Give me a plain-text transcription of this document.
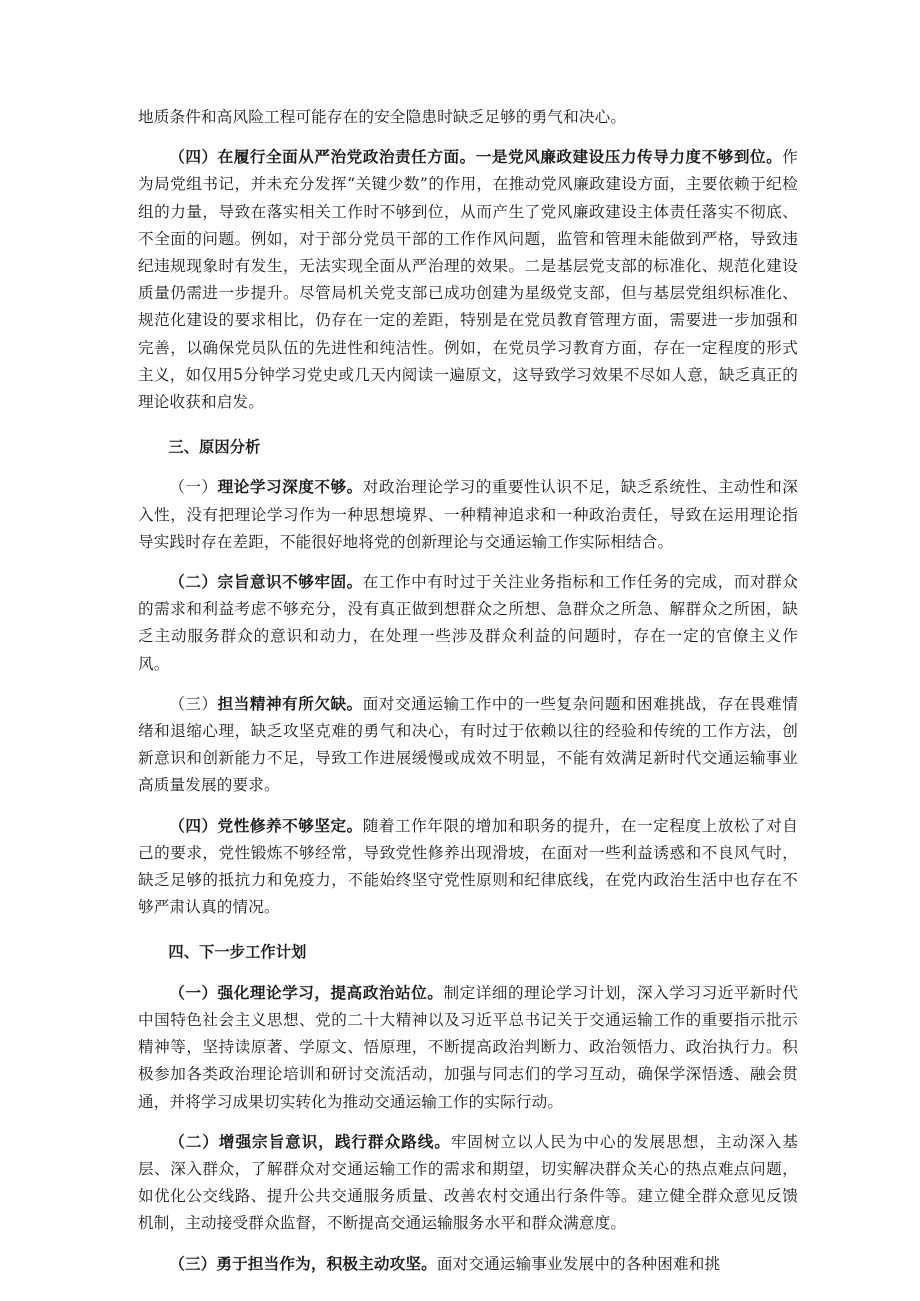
地质条件和高风险工程可能存在的安全隐患时缺乏足够的勇气和决心。

（四）在履行全面从严治党政治责任方面。一是党风廉政建设压力传导力度不够到位。作为局党组书记，并未充分发挥“关键少数”的作用，在推动党风廉政建设方面，主要依赖于纪检组的力量，导致在落实相关工作时不够到位，从而产生了党风廉政建设主体责任落实不彻底、不全面的问题。例如，对于部分党员干部的工作作风问题，监管和管理未能做到严格，导致违纪违规现象时有发生，无法实现全面从严治理的效果。二是基层党支部的标准化、规范化建设质量仍需进一步提升。尽管局机关党支部已成功创建为星级党支部，但与基层党组织标准化、规范化建设的要求相比，仍存在一定的差距，特别是在党员教育管理方面，需要进一步加强和完善，以确保党员队伍的先进性和纯洁性。例如，在党员学习教育方面，存在一定程度的形式主义，如仅用5分钟学习党史或几天内阅读一遍原文，这导致学习效果不尽如人意，缺乏真正的理论收获和启发。

三、原因分析

（一）理论学习深度不够。对政治理论学习的重要性认识不足，缺乏系统性、主动性和深入性，没有把理论学习作为一种思想境界、一种精神追求和一种政治责任，导致在运用理论指导实践时存在差距，不能很好地将党的创新理论与交通运输工作实际相结合。

（二）宗旨意识不够牢固。在工作中有时过于关注业务指标和工作任务的完成，而对群众的需求和利益考虑不够充分，没有真正做到想群众之所想、急群众之所急、解群众之所困，缺乏主动服务群众的意识和动力，在处理一些涉及群众利益的问题时，存在一定的官僚主义作风。

（三）担当精神有所欠缺。面对交通运输工作中的一些复杂问题和困难挑战，存在畏难情绪和退缩心理，缺乏攻坚克难的勇气和决心，有时过于依赖以往的经验和传统的工作方法，创新意识和创新能力不足，导致工作进展缓慢或成效不明显，不能有效满足新时代交通运输事业高质量发展的要求。

（四）党性修养不够坚定。随着工作年限的增加和职务的提升，在一定程度上放松了对自己的要求，党性锻炼不够经常，导致党性修养出现滑坡，在面对一些利益诱惑和不良风气时，缺乏足够的抵抗力和免疫力，不能始终坚守党性原则和纪律底线，在党内政治生活中也存在不够严肃认真的情况。

四、下一步工作计划

（一）强化理论学习，提高政治站位。制定详细的理论学习计划，深入学习习近平新时代中国特色社会主义思想、党的二十大精神以及习近平总书记关于交通运输工作的重要指示批示精神等，坚持读原著、学原文、悟原理，不断提高政治判断力、政治领悟力、政治执行力。积极参加各类政治理论培训和研讨交流活动，加强与同志们的学习互动，确保学深悟透、融会贯通，并将学习成果切实转化为推动交通运输工作的实际行动。

（二）增强宗旨意识，践行群众路线。牢固树立以人民为中心的发展思想，主动深入基层、深入群众，了解群众对交通运输工作的需求和期望，切实解决群众关心的热点难点问题，如优化公交线路、提升公共交通服务质量、改善农村交通出行条件等。建立健全群众意见反馈机制，主动接受群众监督，不断提高交通运输服务水平和群众满意度。

（三）勇于担当作为，积极主动攻坚。面对交通运输事业发展中的各种困难和挑
